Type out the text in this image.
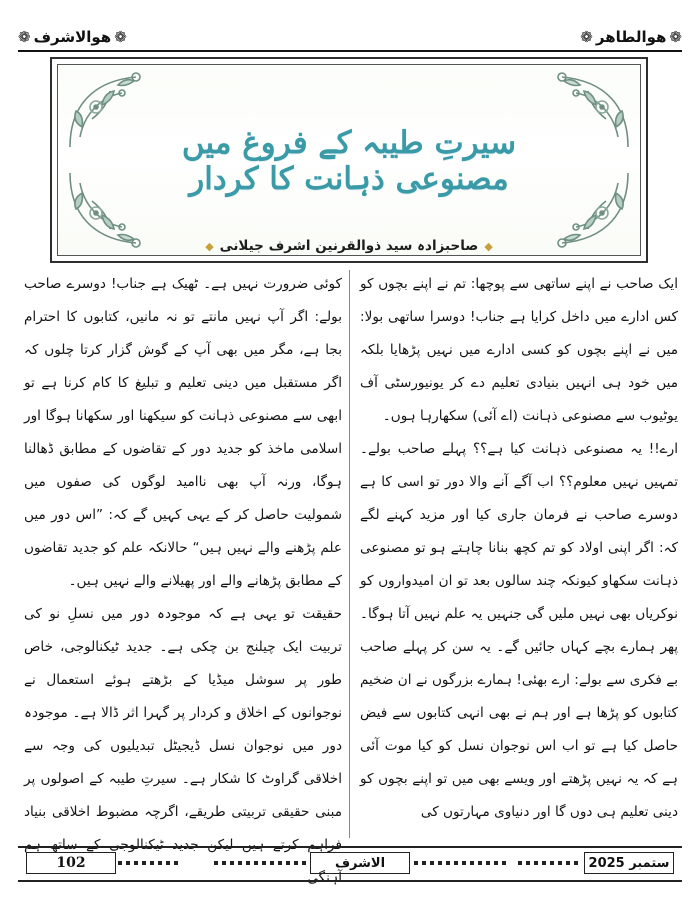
❁
ھوالطاھر
❁
❁
ھوالاشرف
❁
سیرتِ طیبہ کے فروغ میں مصنوعی ذہانت کا کردار
◆صاحبزادہ سید ذوالقرنین اشرف جیلانی◆

ایک صاحب نے اپنے ساتھی سے پوچھا: تم نے اپنے بچوں کو کس ادارے میں داخل کرایا ہے جناب! دوسرا ساتھی بولا: میں نے اپنے بچوں کو کسی ادارے میں نہیں پڑھایا بلکہ میں خود ہی انہیں بنیادی تعلیم دے کر یونیورسٹی آف یوٹیوب سے مصنوعی ذہانت (اے آئی) سکھارہا ہوں۔

ارے!! یہ مصنوعی ذہانت کیا ہے؟؟ پہلے صاحب بولے۔ تمہیں نہیں معلوم؟؟ اب آگے آنے والا دور تو اسی کا ہے دوسرے صاحب نے فرمان جاری کیا اور مزید کہنے لگے کہ: اگر اپنی اولاد کو تم کچھ بنانا چاہتے ہو تو مصنوعی ذہانت سکھاو کیونکہ چند سالوں بعد تو ان امیدواروں کو نوکریاں بھی نہیں ملیں گی جنہیں یہ علم نہیں آتا ہوگا۔ پھر ہمارے بچے کہاں جائیں گے۔ یہ سن کر پہلے صاحب بے فکری سے بولے: ارے بھئی! ہمارے بزرگوں نے ان ضخیم کتابوں کو پڑھا ہے اور ہم نے بھی انہی کتابوں سے فیض حاصل کیا ہے تو اب اس نوجوان نسل کو کیا موت آئی ہے کہ یہ نہیں پڑھتے اور ویسے بھی میں تو اپنے بچوں کو دینی تعلیم ہی دوں گا اور دنیاوی مہارتوں کی

کوئی ضرورت نہیں ہے۔ ٹھیک ہے جناب! دوسرے صاحب بولے: اگر آپ نہیں مانتے تو نہ مانیں، کتابوں کا احترام بجا ہے، مگر میں بھی آپ کے گوش گزار کرتا چلوں کہ اگر مستقبل میں دینی تعلیم و تبلیغ کا کام کرنا ہے تو ابھی سے مصنوعی ذہانت کو سیکھنا اور سکھانا ہوگا اور اسلامی ماخذ کو جدید دور کے تقاضوں کے مطابق ڈھالنا ہوگا، ورنہ آپ بھی ناامید لوگوں کی صفوں میں شمولیت حاصل کر کے یہی کہیں گے کہ: ”اس دور میں علم پڑھنے والے نہیں ہیں“ حالانکہ علم کو جدید تقاضوں کے مطابق پڑھانے والے اور پھیلانے والے نہیں ہیں۔

حقیقت تو یہی ہے کہ موجودہ دور میں نسلِ نو کی تربیت ایک چیلنج بن چکی ہے۔ جدید ٹیکنالوجی، خاص طور پر سوشل میڈیا کے بڑھتے ہوئے استعمال نے نوجوانوں کے اخلاق و کردار پر گہرا اثر ڈالا ہے۔ موجودہ دور میں نوجوان نسل ڈیجیٹل تبدیلیوں کی وجہ سے اخلاقی گراوٹ کا شکار ہے۔ سیرتِ طیبہ کے اصولوں پر مبنی حقیقی تربیتی طریقے، اگرچہ مضبوط اخلاقی بنیاد فراہم کرتے ہیں لیکن جدید ٹیکنالوجی کے ساتھ ہم آہنگی

102	الاشرف	ستمبر 2025
